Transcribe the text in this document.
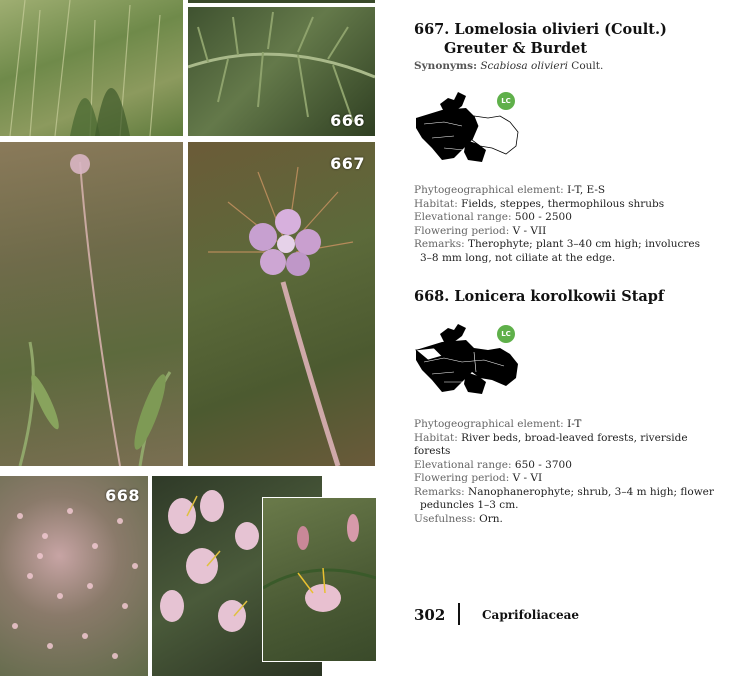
666
667
668

667. Lomelosia olivieri (Coult.)

Greuter & Burdet

Synonyms: Scabiosa olivieri Coult.
LC

Phytogeographical element: I-T, E-S

Habitat: Fields, steppes, thermophilous shrubs

Elevational range: 500 - 2500

Flowering period: V - VII

Remarks: Therophyte; plant 3–40 cm high; involucres

3–8 mm long, not ciliate at the edge.

668. Lonicera korolkowii Stapf

LC

Phytogeographical element: I-T

Habitat: River beds, broad-leaved forests, riverside forests

Elevational range: 650 - 3700

Flowering period: V - VI

Remarks: Nanophanerophyte; shrub, 3–4 m high; flower

peduncles 1–3 cm.

Usefulness: Orn.

302	Caprifoliaceae
